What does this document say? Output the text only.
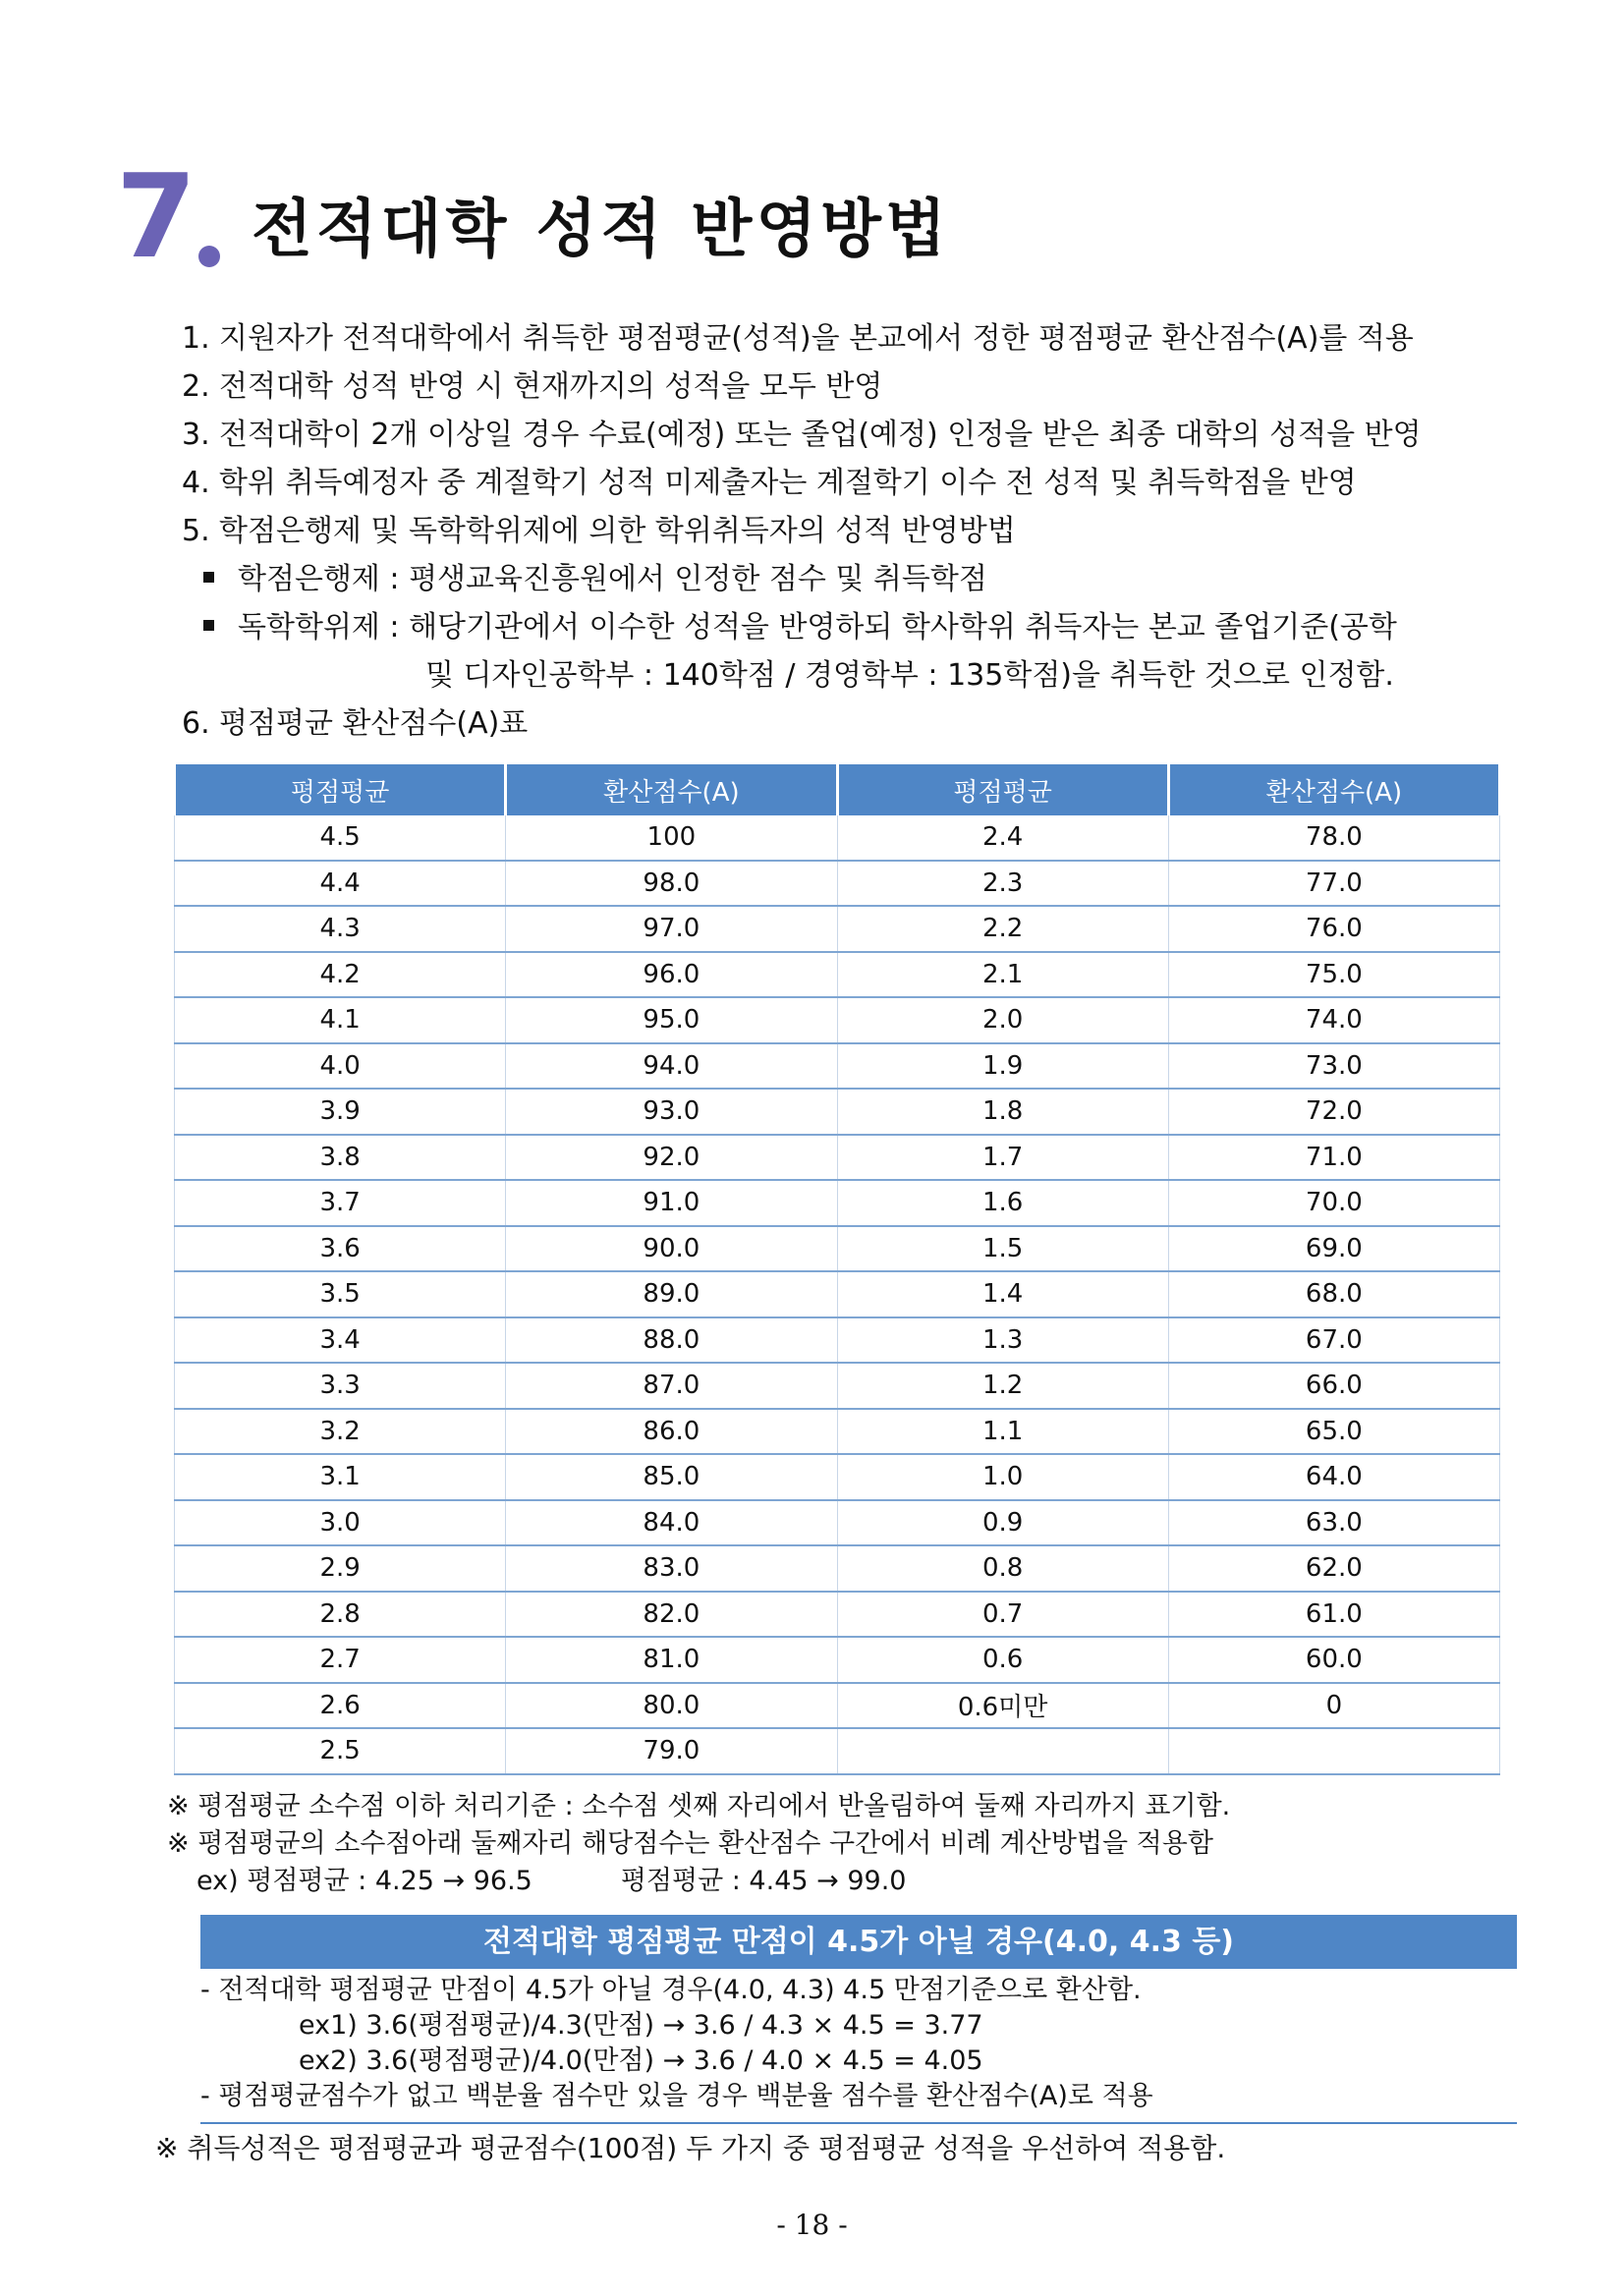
7 전적대학 성적 반영방법
1. 지원자가 전적대학에서 취득한 평점평균(성적)을 본교에서 정한 평점평균 환산점수(A)를 적용
2. 전적대학 성적 반영 시 현재까지의 성적을 모두 반영
3. 전적대학이 2개 이상일 경우 수료(예정) 또는 졸업(예정) 인정을 받은 최종 대학의 성적을 반영
4. 학위 취득예정자 중 계절학기 성적 미제출자는 계절학기 이수 전 성적 및 취득학점을 반영
5. 학점은행제 및 독학학위제에 의한 학위취득자의 성적 반영방법
학점은행제 : 평생교육진흥원에서 인정한 점수 및 취득학점
독학학위제 : 해당기관에서 이수한 성적을 반영하되 학사학위 취득자는 본교 졸업기준(공학
및 디자인공학부 : 140학점 / 경영학부 : 135학점)을 취득한 것으로 인정함.
6. 평점평균 환산점수(A)표
평점평균	환산점수(A)	평점평균	환산점수(A)
4.5	100	2.4	78.0
4.4	98.0	2.3	77.0
4.3	97.0	2.2	76.0
4.2	96.0	2.1	75.0
4.1	95.0	2.0	74.0
4.0	94.0	1.9	73.0
3.9	93.0	1.8	72.0
3.8	92.0	1.7	71.0
3.7	91.0	1.6	70.0
3.6	90.0	1.5	69.0
3.5	89.0	1.4	68.0
3.4	88.0	1.3	67.0
3.3	87.0	1.2	66.0
3.2	86.0	1.1	65.0
3.1	85.0	1.0	64.0
3.0	84.0	0.9	63.0
2.9	83.0	0.8	62.0
2.8	82.0	0.7	61.0
2.7	81.0	0.6	60.0
2.6	80.0	0.6미만	0
2.5	79.0		
※ 평점평균 소수점 이하 처리기준 : 소수점 셋째 자리에서 반올림하여 둘째 자리까지 표기함.
※ 평점평균의 소수점아래 둘째자리 해당점수는 환산점수 구간에서 비례 계산방법을 적용함
ex) 평점평균 : 4.25 → 96.5	평점평균 : 4.45 → 99.0
전적대학 평점평균 만점이 4.5가 아닐 경우(4.0, 4.3 등)
- 전적대학 평점평균 만점이 4.5가 아닐 경우(4.0, 4.3) 4.5 만점기준으로 환산함.
ex1) 3.6(평점평균)/4.3(만점) → 3.6 / 4.3 × 4.5 = 3.77
ex2) 3.6(평점평균)/4.0(만점) → 3.6 / 4.0 × 4.5 = 4.05
- 평점평균점수가 없고 백분율 점수만 있을 경우 백분율 점수를 환산점수(A)로 적용
※ 취득성적은 평점평균과 평균점수(100점) 두 가지 중 평점평균 성적을 우선하여 적용함.
- 18 -
